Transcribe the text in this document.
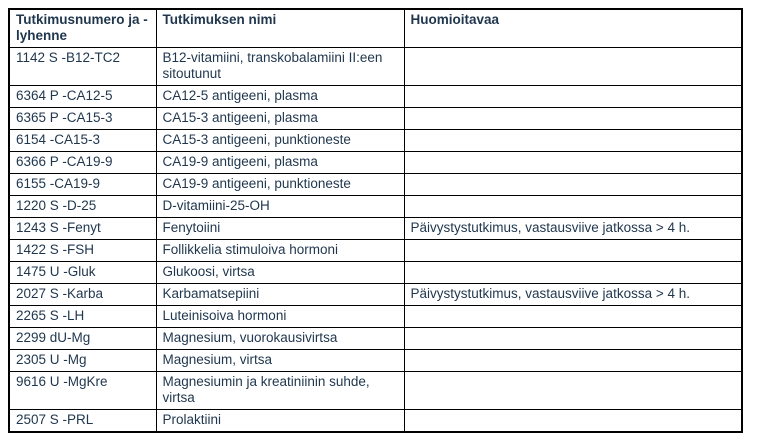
Tutkimusnumero ja -lyhenne	Tutkimuksen nimi	Huomioitavaa
1142 S -B12-TC2	B12-vitamiini, transkobalamiini II:een sitoutunut	
6364 P -CA12-5	CA12-5 antigeeni, plasma	
6365 P -CA15-3	CA15-3 antigeeni, plasma	
6154 -CA15-3	CA15-3 antigeeni, punktioneste	
6366 P -CA19-9	CA19-9 antigeeni, plasma	
6155 -CA19-9	CA19-9 antigeeni, punktioneste	
1220 S -D-25	D-vitamiini-25-OH	
1243 S -Fenyt	Fenytoiini	Päivystystutkimus, vastausviive jatkossa > 4 h.
1422 S -FSH	Follikkelia stimuloiva hormoni	
1475 U -Gluk	Glukoosi, virtsa	
2027 S -Karba	Karbamatsepiini	Päivystystutkimus, vastausviive jatkossa > 4 h.
2265 S -LH	Luteinisoiva hormoni	
2299 dU-Mg	Magnesium, vuorokausivirtsa	
2305 U -Mg	Magnesium, virtsa	
9616 U -MgKre	Magnesiumin ja kreatiniinin suhde, virtsa	
2507 S -PRL	Prolaktiini	
